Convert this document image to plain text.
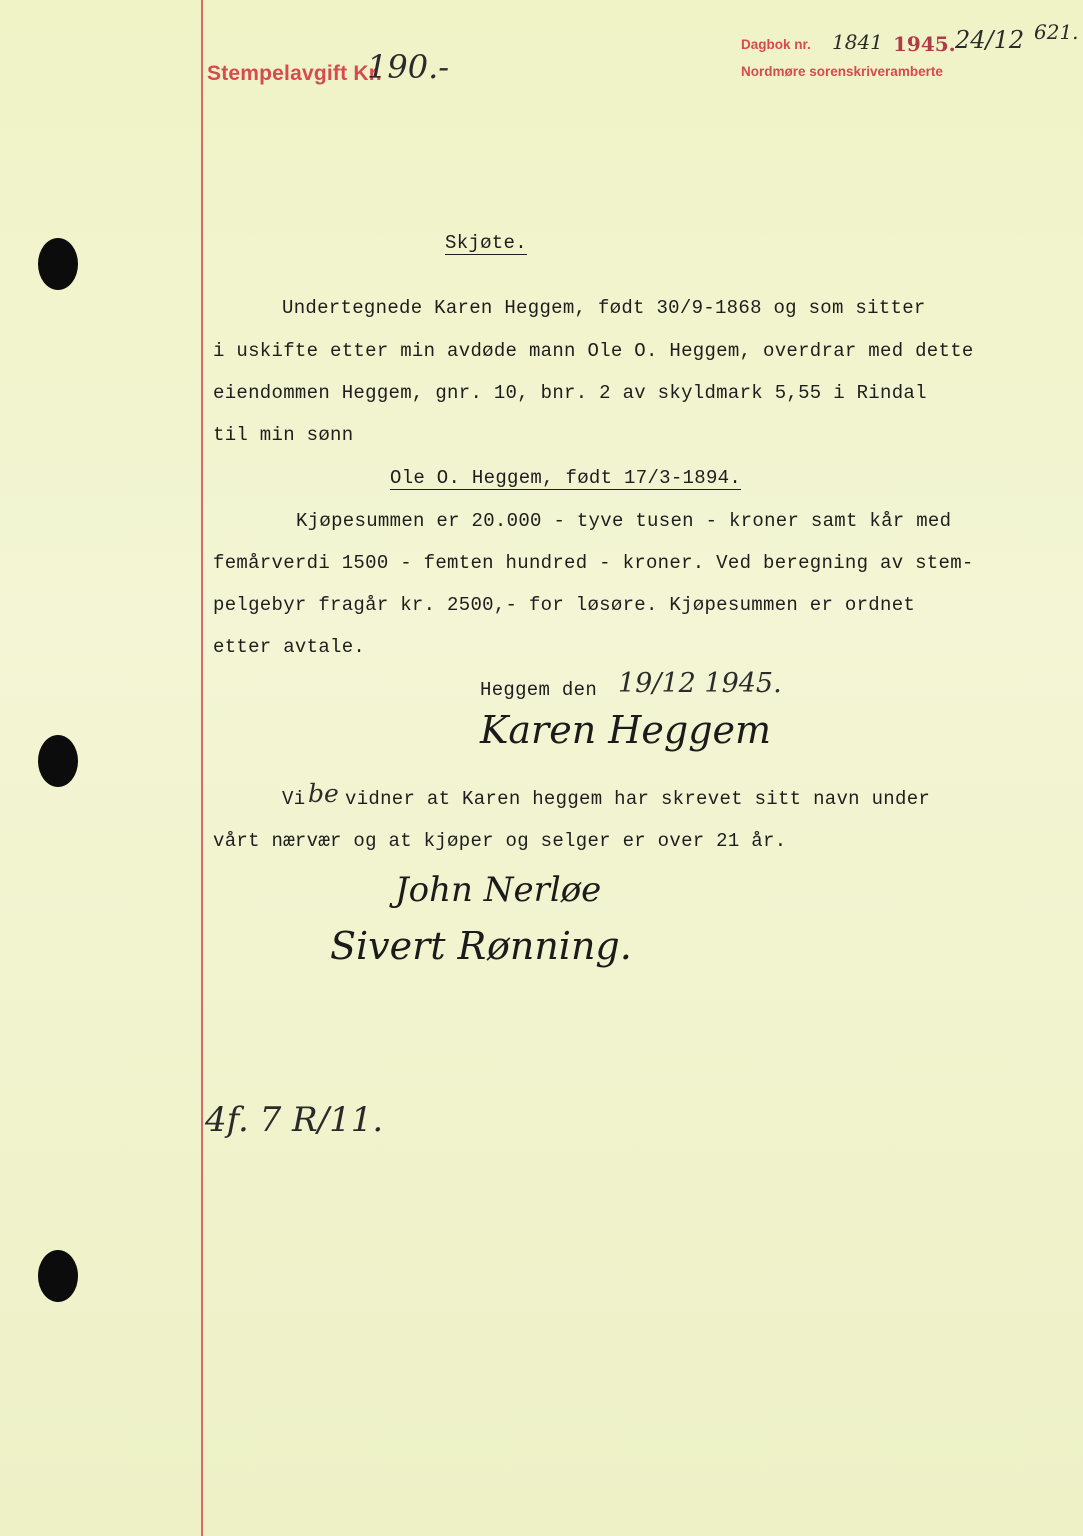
Stempelavgift Kr.
190.-
Dagbok nr. 1841 1945. 24/12
Nordmøre sorenskriveramberte
621.
Skjøte.
Undertegnede Karen Heggem, født 30/9-1868 og som sitter
i uskifte etter min avdøde mann Ole O. Heggem, overdrar med dette
eiendommen Heggem, gnr. 10, bnr. 2 av skyldmark 5,55 i Rindal
til min sønn
Ole O. Heggem, født 17/3-1894.
Kjøpesummen er 20.000 - tyve tusen - kroner samt kår med
femårverdi 1500 - femten hundred - kroner. Ved beregning av stem-
pelgebyr fragår kr. 2500,- for løsøre. Kjøpesummen er ordnet
etter avtale.
Heggem den 19/12 1945.
Karen Heggem
Vi be vidner at Karen heggem har skrevet sitt navn under
vårt nærvær og at kjøper og selger er over 21 år.
John Nerløe
Sivert Rønning.
4f. 7 R/11.
